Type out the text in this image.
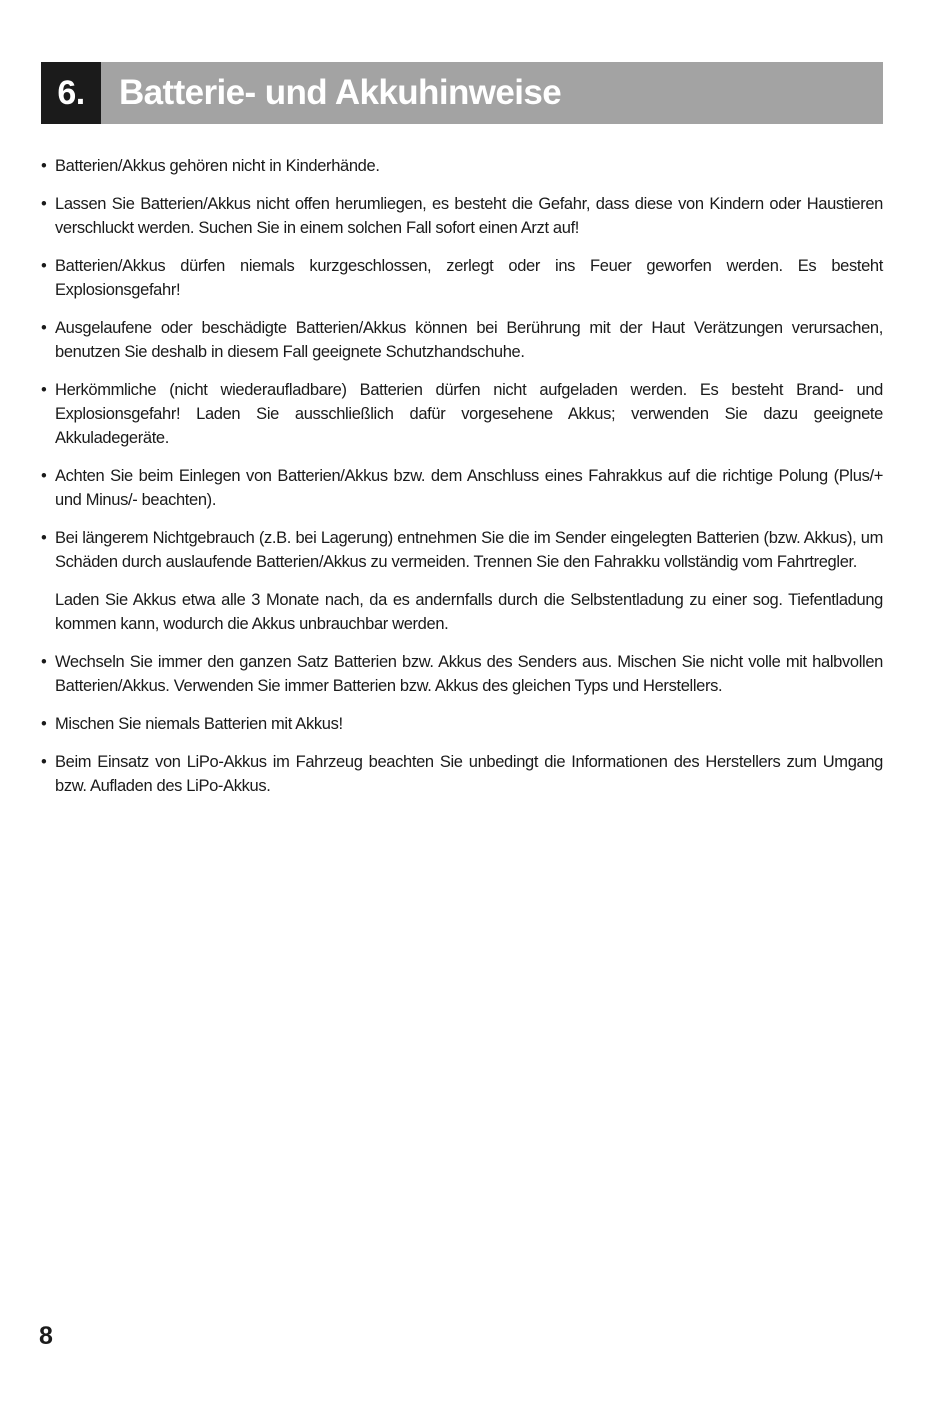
6. Batterie- und Akkuhinweise
• Batterien/Akkus gehören nicht in Kinderhände.
• Lassen Sie Batterien/Akkus nicht offen herumliegen, es besteht die Gefahr, dass diese von Kindern oder Haustieren verschluckt werden. Suchen Sie in einem solchen Fall sofort einen Arzt auf!
• Batterien/Akkus dürfen niemals kurzgeschlossen, zerlegt oder ins Feuer geworfen werden. Es besteht Explosionsgefahr!
• Ausgelaufene oder beschädigte Batterien/Akkus können bei Berührung mit der Haut Verätzungen verursachen, benutzen Sie deshalb in diesem Fall geeignete Schutzhandschuhe.
• Herkömmliche (nicht wiederaufladbare) Batterien dürfen nicht aufgeladen werden. Es besteht Brand- und Explosionsgefahr! Laden Sie ausschließlich dafür vorgesehene Akkus; verwenden Sie dazu geeignete Akkuladegeräte.
• Achten Sie beim Einlegen von Batterien/Akkus bzw. dem Anschluss eines Fahrakkus auf die richtige Polung (Plus/+ und Minus/- beachten).
• Bei längerem Nichtgebrauch (z.B. bei Lagerung) entnehmen Sie die im Sender eingelegten Batterien (bzw. Akkus), um Schäden durch auslaufende Batterien/Akkus zu vermeiden. Trennen Sie den Fahrakku vollständig vom Fahrtregler.
Laden Sie Akkus etwa alle 3 Monate nach, da es andernfalls durch die Selbstentladung zu einer sog. Tiefentladung kommen kann, wodurch die Akkus unbrauchbar werden.
• Wechseln Sie immer den ganzen Satz Batterien bzw. Akkus des Senders aus. Mischen Sie nicht volle mit halbvollen Batterien/Akkus. Verwenden Sie immer Batterien bzw. Akkus des gleichen Typs und Herstellers.
• Mischen Sie niemals Batterien mit Akkus!
• Beim Einsatz von LiPo-Akkus im Fahrzeug beachten Sie unbedingt die Informationen des Herstellers zum Umgang bzw. Aufladen des LiPo-Akkus.
8
